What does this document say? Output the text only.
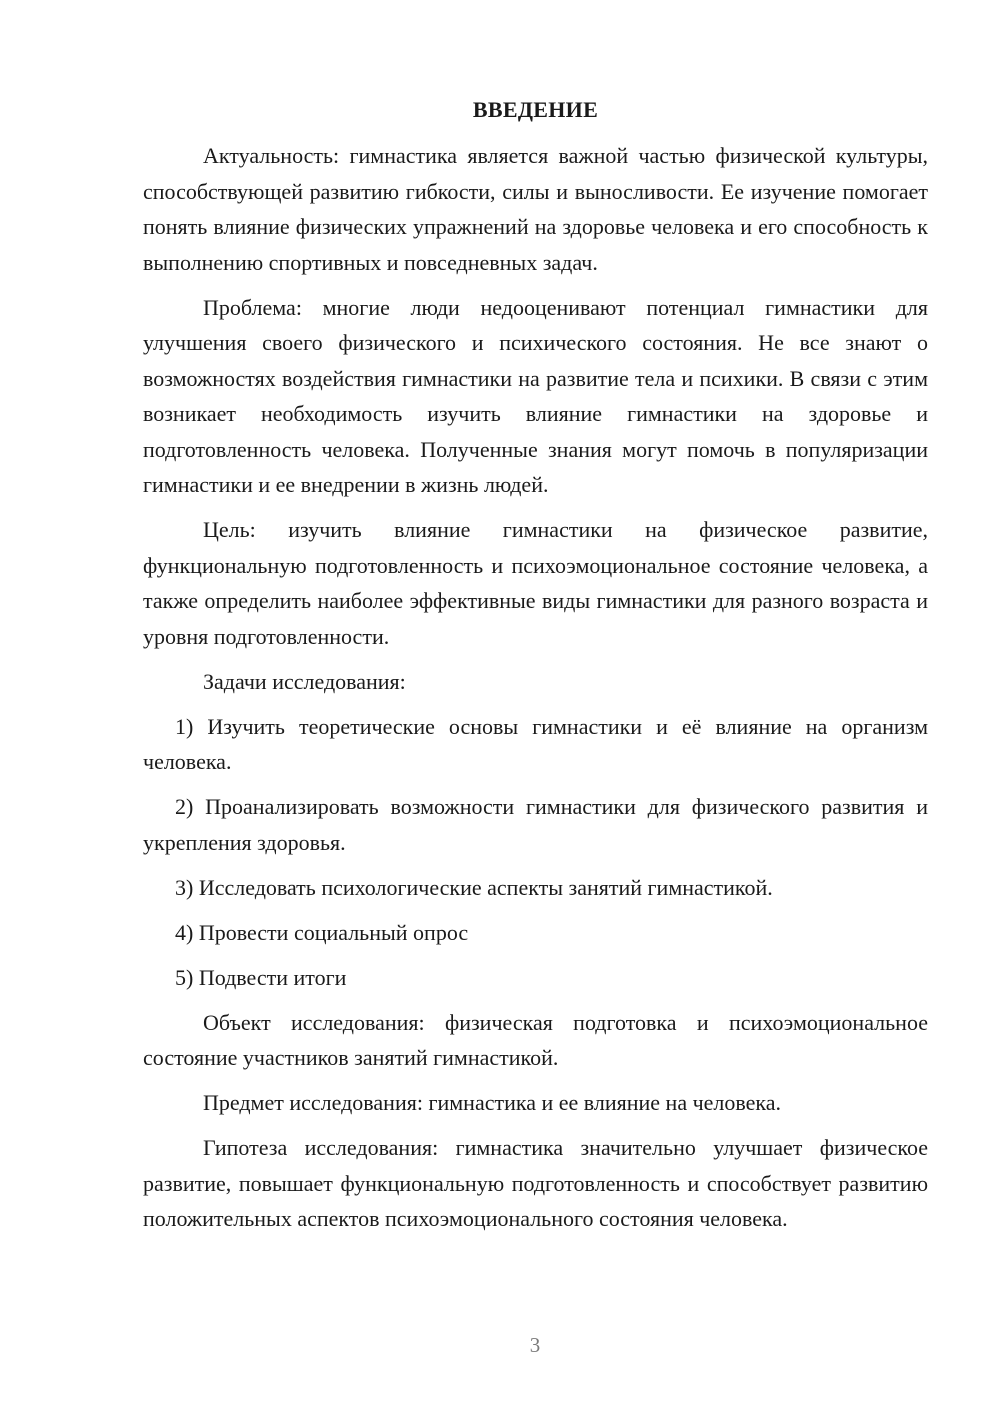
ВВЕДЕНИЕ

Актуальность: гимнастика является важной частью физической культуры, способствующей развитию гибкости, силы и выносливости. Ее изучение помогает понять влияние физических упражнений на здоровье человека и его способность к выполнению спортивных и повседневных задач.

Проблема: многие люди недооценивают потенциал гимнастики для улучшения своего физического и психического состояния. Не все знают о возможностях воздействия гимнастики на развитие тела и психики. В связи с этим возникает необходимость изучить влияние гимнастики на здоровье и подготовленность человека. Полученные знания могут помочь в популяризации гимнастики и ее внедрении в жизнь людей.

Цель: изучить влияние гимнастики на физическое развитие, функциональную подготовленность и психоэмоциональное состояние человека, а также определить наиболее эффективные виды гимнастики для разного возраста и уровня подготовленности.

Задачи исследования:

1) Изучить теоретические основы гимнастики и её влияние на организм человека.

2) Проанализировать возможности гимнастики для физического развития и укрепления здоровья.

3) Исследовать психологические аспекты занятий гимнастикой.

4) Провести социальный опрос

5) Подвести итоги

Объект исследования: физическая подготовка и психоэмоциональное состояние участников занятий гимнастикой.

Предмет исследования: гимнастика и ее влияние на человека.

Гипотеза исследования: гимнастика значительно улучшает физическое развитие, повышает функциональную подготовленность и способствует развитию положительных аспектов психоэмоционального состояния человека.

3
